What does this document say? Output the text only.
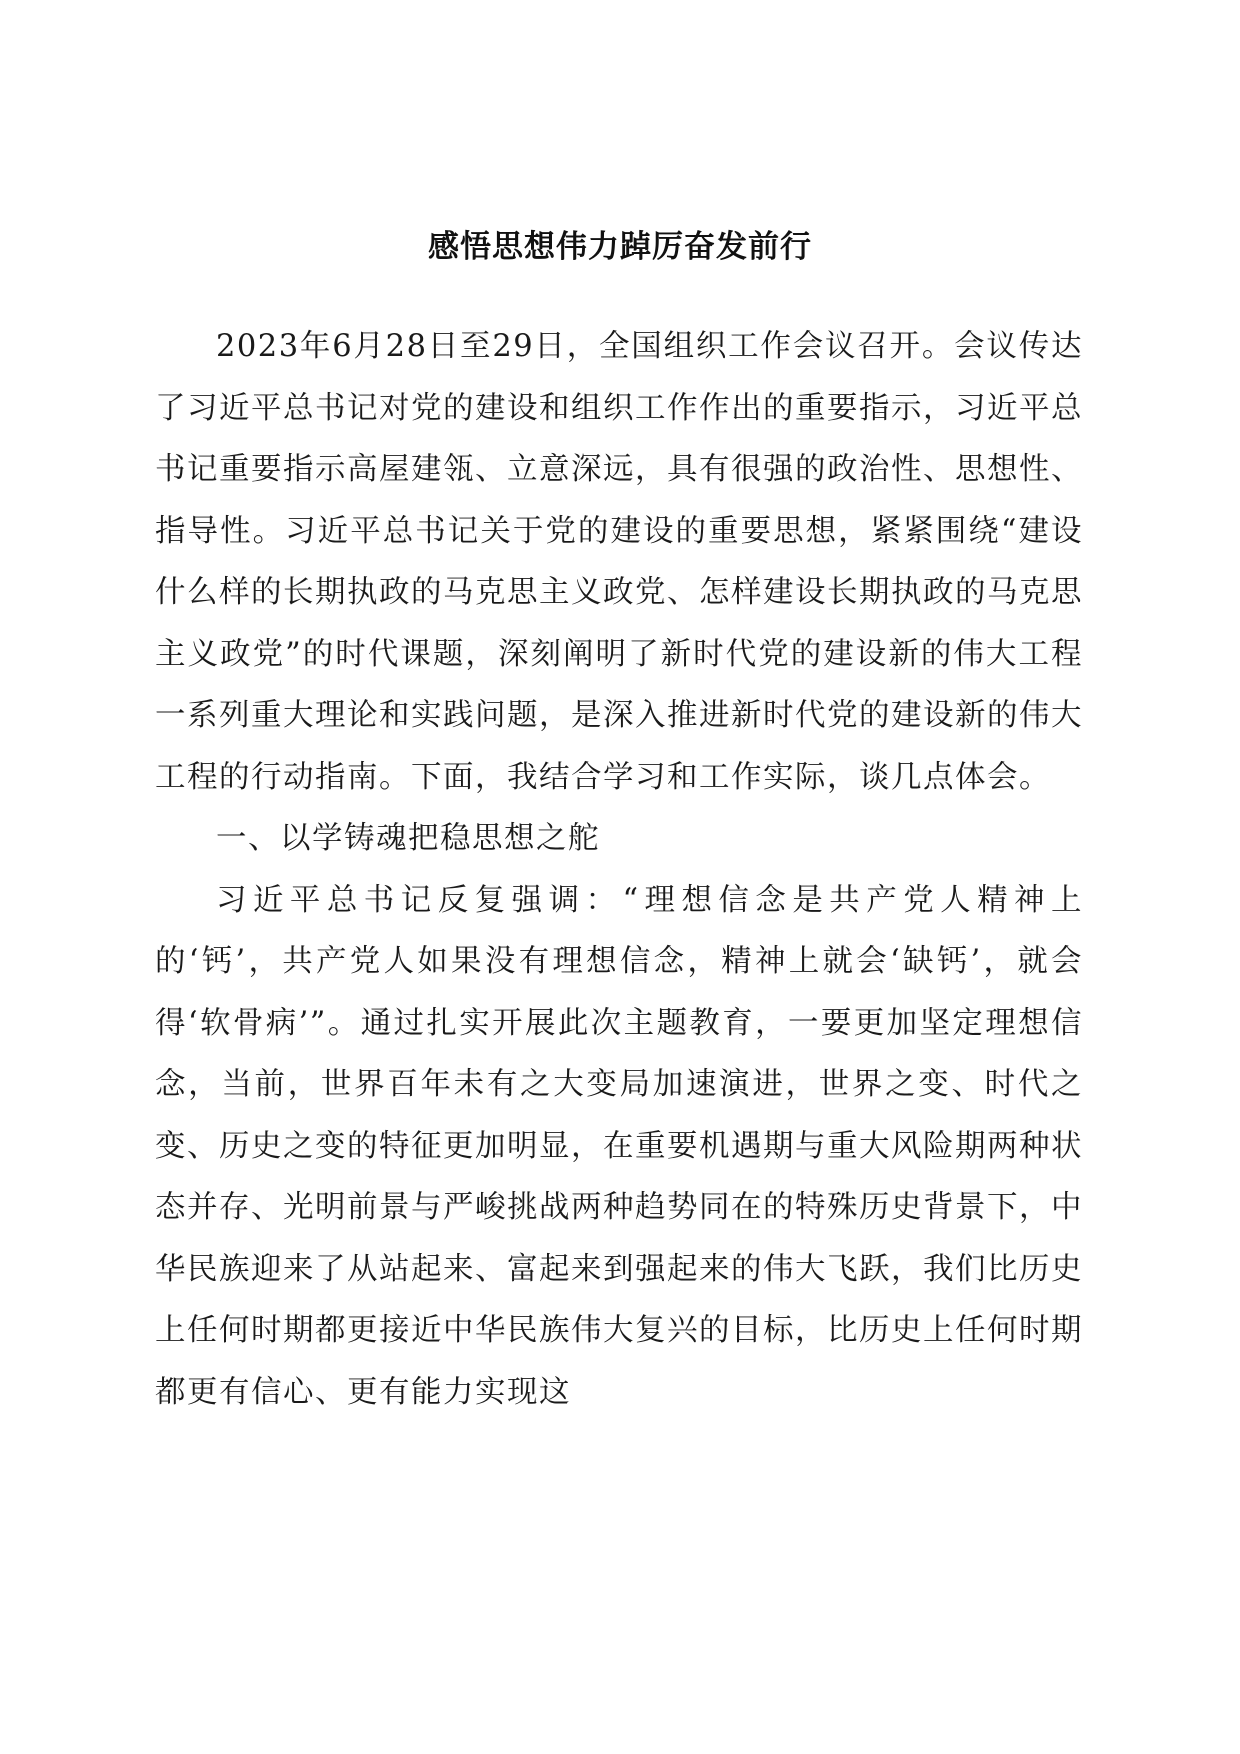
感悟思想伟力踔厉奋发前行

2023年6月28日至29日，全国组织工作会议召开。会议传达了习近平总书记对党的建设和组织工作作出的重要指示，习近平总书记重要指示高屋建瓴、立意深远，具有很强的政治性、思想性、指导性。习近平总书记关于党的建设的重要思想，紧紧围绕“建设什么样的长期执政的马克思主义政党、怎样建设长期执政的马克思主义政党”的时代课题，深刻阐明了新时代党的建设新的伟大工程一系列重大理论和实践问题，是深入推进新时代党的建设新的伟大工程的行动指南。下面，我结合学习和工作实际，谈几点体会。

一、以学铸魂把稳思想之舵

习近平总书记反复强调：“理想信念是共产党人精神上的‘钙’，共产党人如果没有理想信念，精神上就会‘缺钙’，就会得‘软骨病’”。通过扎实开展此次主题教育，一要更加坚定理想信念，当前，世界百年未有之大变局加速演进，世界之变、时代之变、历史之变的特征更加明显，在重要机遇期与重大风险期两种状态并存、光明前景与严峻挑战两种趋势同在的特殊历史背景下，中华民族迎来了从站起来、富起来到强起来的伟大飞跃，我们比历史上任何时期都更接近中华民族伟大复兴的目标，比历史上任何时期都更有信心、更有能力实现这
